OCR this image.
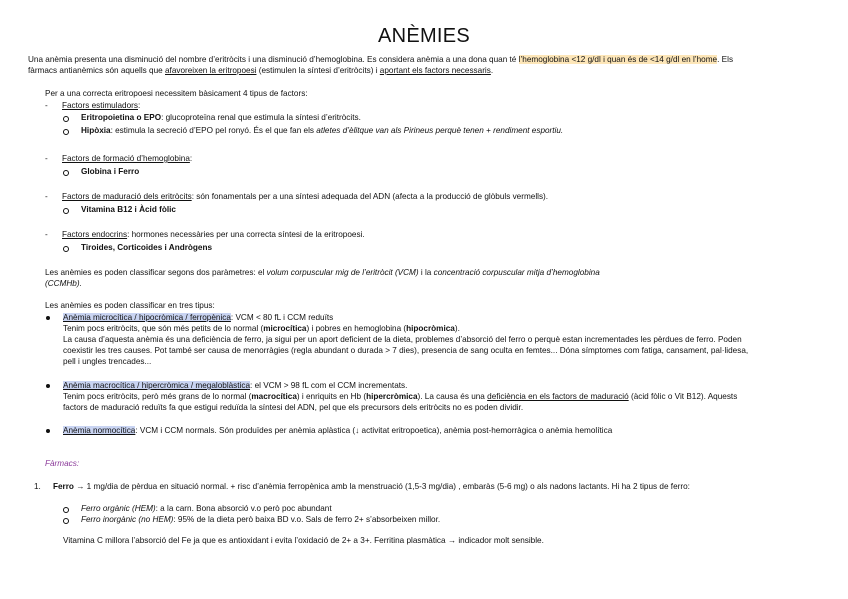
ANÈMIES
Una anèmia presenta una disminució del nombre d’eritròcits i una disminució d’hemoglobina. Es considera anèmia a una dona quan té l’hemoglobina <12 g/dl i quan és de <14 g/dl en l’home. Els
fàrmacs antianèmics són aquells que afavoreixen la eritropoesi (estimulen la síntesi d’eritròcits) i aportant els factors necessaris.
Per a una correcta eritropoesi necessitem bàsicament 4 tipus de factors:
- Factors estimuladors:
Eritropoietina o EPO: glucoproteïna renal que estimula la síntesi d’eritròcits.
Hipòxia: estimula la secreció d’EPO pel ronyó. És el que fan els atletes d’èlitque van als Pirineus perquè tenen + rendiment esportiu.
- Factors de formació d’hemoglobina:
Globina i Ferro
- Factors de maduració dels eritròcits: són fonamentals per a una síntesi adequada del ADN (afecta a la producció de glòbuls vermells).
Vitamina B12 i Àcid fòlic
- Factors endocrins: hormones necessàries per una correcta síntesi de la eritropoesi.
Tiroides, Corticoides i Andrògens
Les anèmies es poden classificar segons dos paràmetres: el volum corpuscular mig de l’eritròcit (VCM) i la concentració corpuscular mitja d’hemoglobina
(CCMHb).
Les anèmies es poden classificar en tres tipus:
Anèmia microcítica / hipocròmica / ferropènica: VCM < 80 fL i CCM reduïts
Tenim pocs eritròcits, que són més petits de lo normal (microcítica) i pobres en hemoglobina (hipocròmica).
La causa d’aquesta anèmia és una deficiència de ferro, ja sigui per un aport deficient de la dieta, problemes d’absorció del ferro o perquè estan incrementades les pèrdues de ferro. Poden
coexistir les tres causes. Pot també ser causa de menorràgies (regla abundant o durada > 7 dies), presencia de sang oculta en femtes... Dóna símptomes com fatiga, cansament, pal·lidesa,
pell i ungles trencades...
Anèmia macrocítica / hipercròmica / megaloblàstica: el VCM > 98 fL com el CCM incrementats.
Tenim pocs eritròcits, però més grans de lo normal (macrocítica) i enriquits en Hb (hipercròmica). La causa és una deficiència en els factors de maduració (àcid fòlic o Vit B12). Aquests
factors de maduració reduïts fa que estigui reduïda la síntesi del ADN, pel que els precursors dels eritròcits no es poden dividir.
Anèmia normocítica: VCM i CCM normals. Són produïdes per anèmia aplàstica (↓ activitat eritropoetica), anèmia post-hemorràgica o anèmia hemolítica
Fàrmacs:
1. Ferro → 1 mg/dia de pèrdua en situació normal. + risc d’anèmia ferropènica amb la menstruació (1,5-3 mg/dia) , embaràs (5-6 mg) o als nadons lactants. Hi ha 2 tipus de ferro:
Ferro orgànic (HEM): a la carn. Bona absorció v.o però poc abundant
Ferro inorgànic (no HEM): 95% de la dieta però baixa BD v.o. Sals de ferro 2+ s’absorbeixen millor.
Vitamina C millora l’absorció del Fe ja que es antioxidant i evita l’oxidació de 2+ a 3+. Ferritina plasmàtica → indicador molt sensible.
